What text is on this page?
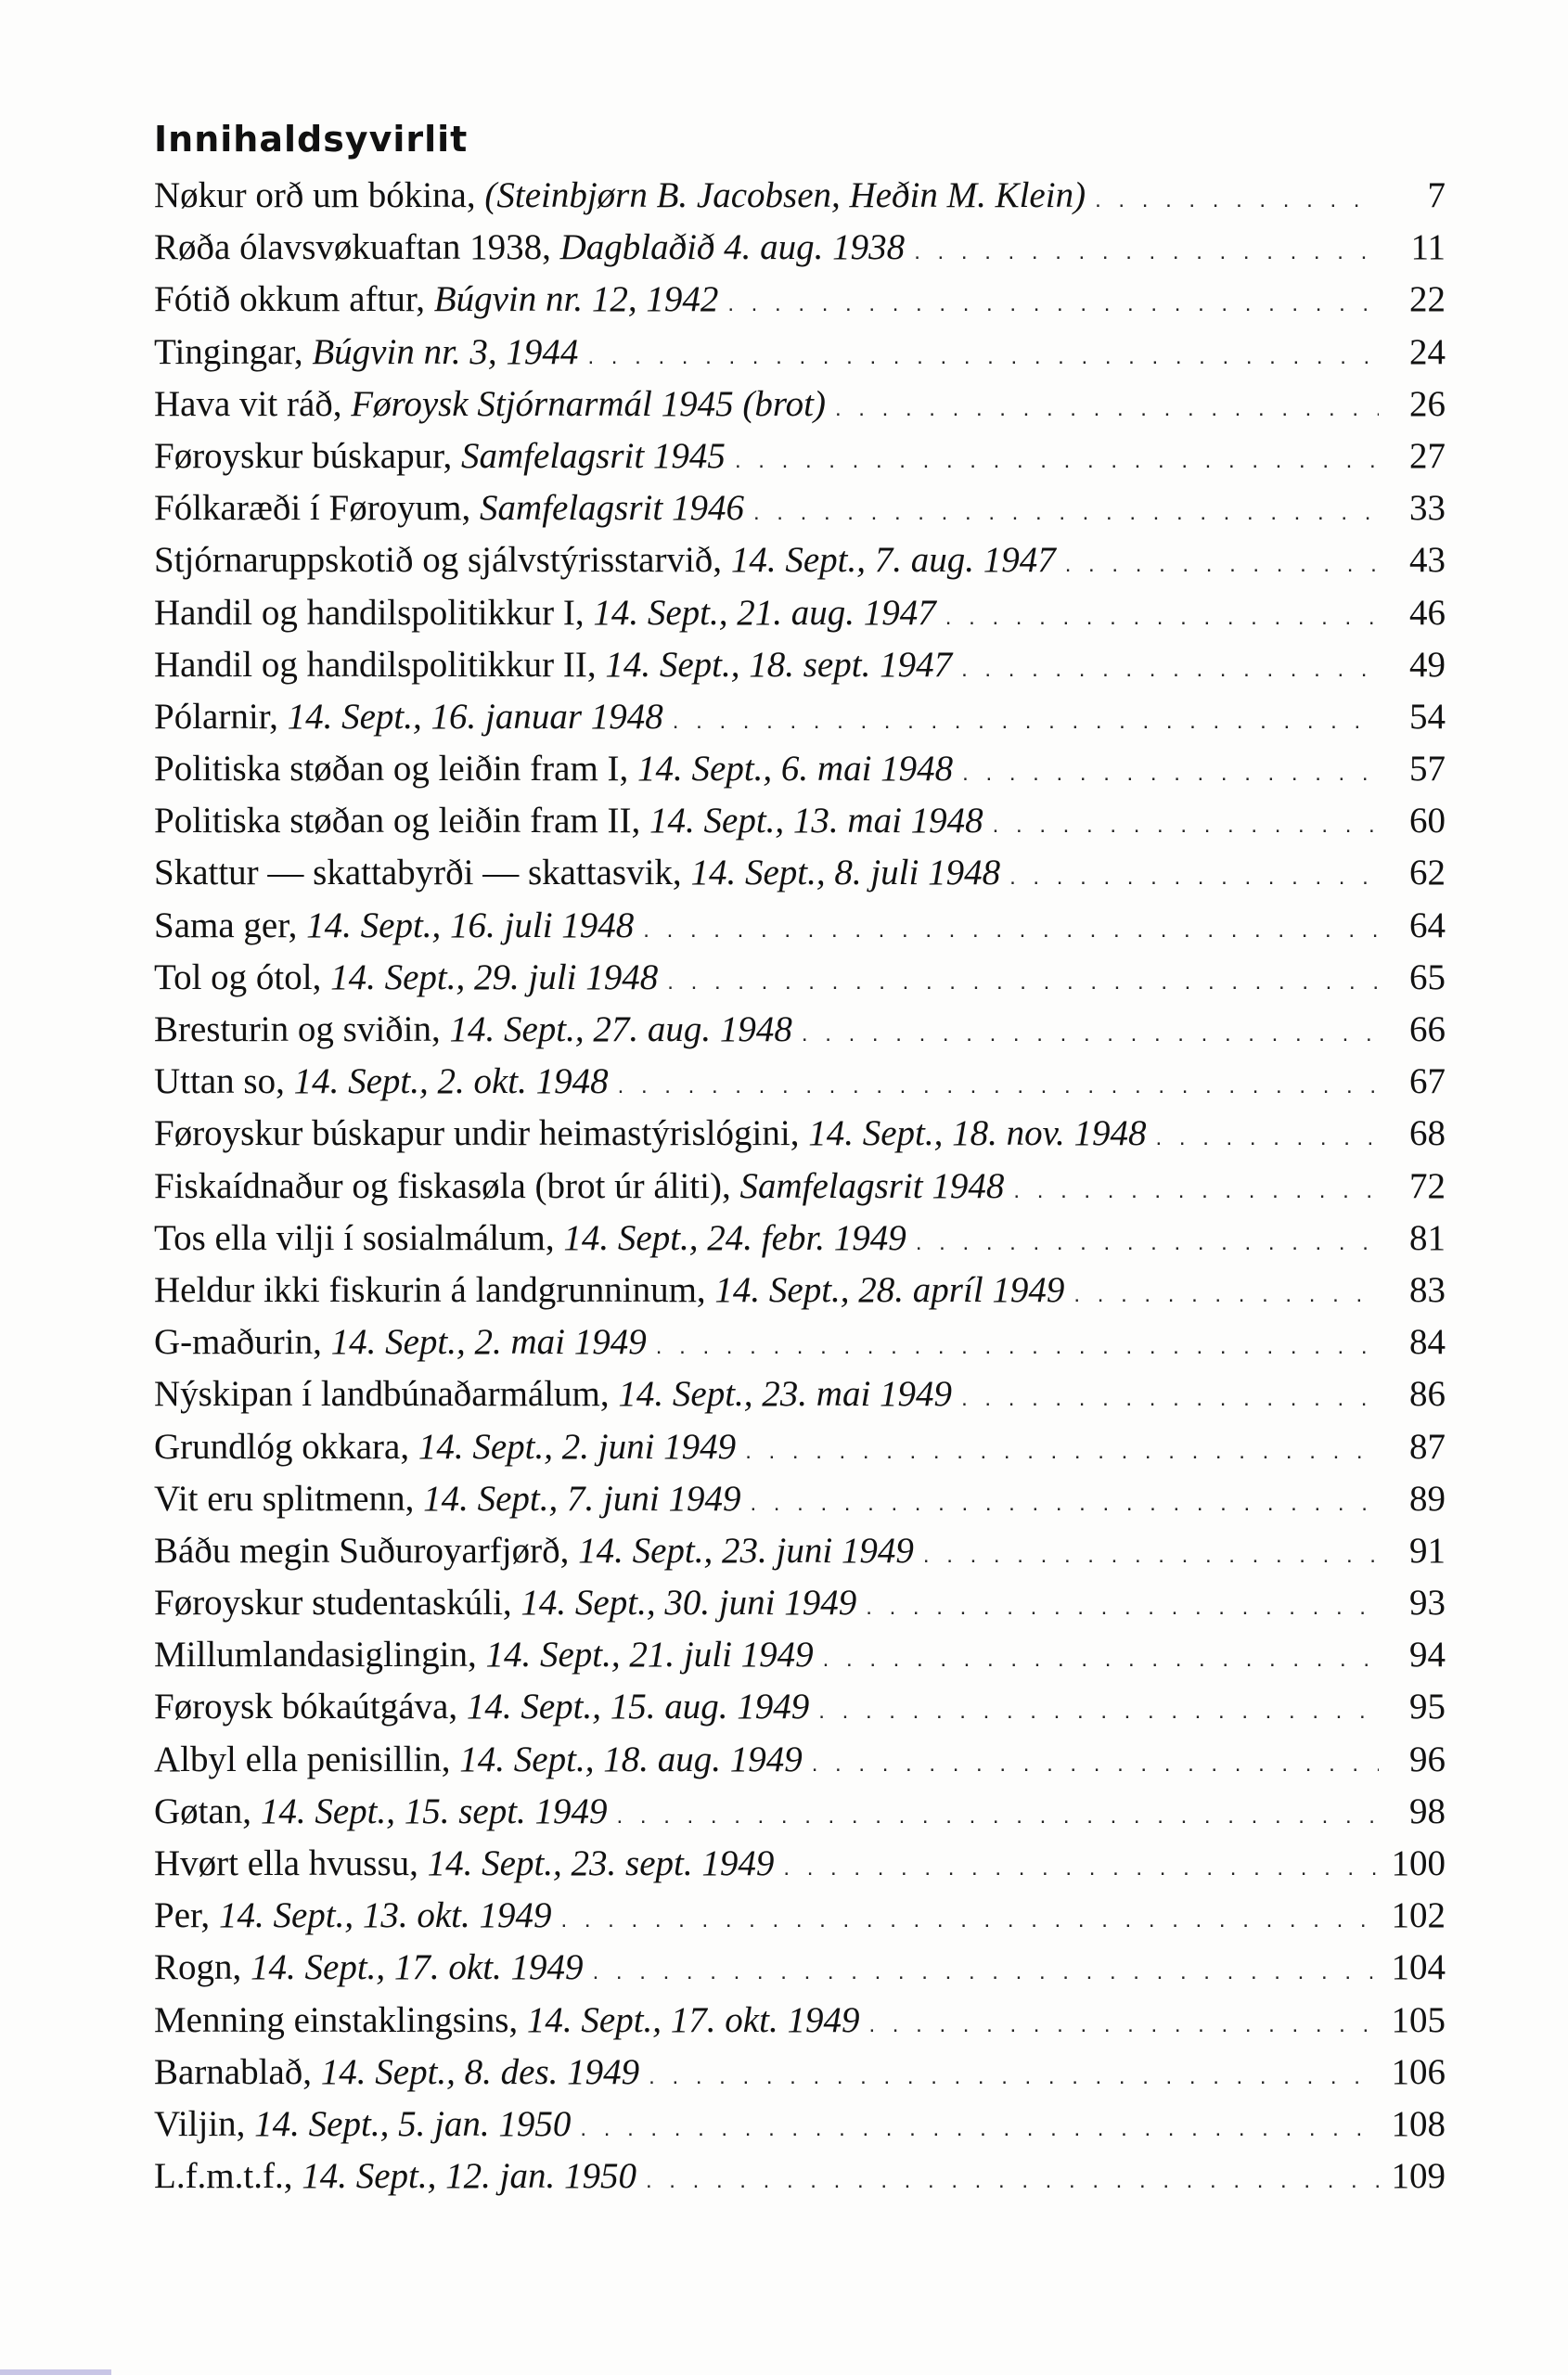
Innihaldsyvirlit
Nøkur orð um bókina, (Steinbjørn B. Jacobsen, Heðin M. Klein) . . .	7
Røða ólavsvøkuaftan 1938, Dagblaðið 4. aug. 1938 . . .	11
Fótið okkum aftur, Búgvin nr. 12, 1942 . . .	22
Tingingar, Búgvin nr. 3, 1944 . . .	24
Hava vit ráð, Føroysk Stjórnarmál 1945 (brot) . . .	26
Føroyskur búskapur, Samfelagsrit 1945 . . .	27
Fólkaræði í Føroyum, Samfelagsrit 1946 . . .	33
Stjórnaruppskotið og sjálvstýrisstarvið, 14. Sept., 7. aug. 1947 . . .	43
Handil og handilspolitikkur I, 14. Sept., 21. aug. 1947 . . .	46
Handil og handilspolitikkur II, 14. Sept., 18. sept. 1947 . . .	49
Pólarnir, 14. Sept., 16. januar 1948 . . .	54
Politiska støðan og leiðin fram I, 14. Sept., 6. mai 1948 . . .	57
Politiska støðan og leiðin fram II, 14. Sept., 13. mai 1948 . . .	60
Skattur — skattabyrði — skattasvik, 14. Sept., 8. juli 1948 . . .	62
Sama ger, 14. Sept., 16. juli 1948 . . .	64
Tol og ótol, 14. Sept., 29. juli 1948 . . .	65
Bresturin og sviðin, 14. Sept., 27. aug. 1948 . . .	66
Uttan so, 14. Sept., 2. okt. 1948 . . .	67
Føroyskur búskapur undir heimastýrislógini, 14. Sept., 18. nov. 1948 . . .	68
Fiskaídnaður og fiskasøla (brot úr áliti), Samfelagsrit 1948 . . .	72
Tos ella vilji í sosialmálum, 14. Sept., 24. febr. 1949 . . .	81
Heldur ikki fiskurin á landgrunninum, 14. Sept., 28. apríl 1949 . . .	83
G-maðurin, 14. Sept., 2. mai 1949 . . .	84
Nýskipan í landbúnaðarmálum, 14. Sept., 23. mai 1949 . . .	86
Grundlóg okkara, 14. Sept., 2. juni 1949 . . .	87
Vit eru splitmenn, 14. Sept., 7. juni 1949 . . .	89
Báðu megin Suðuroyarfjørð, 14. Sept., 23. juni 1949 . . .	91
Føroyskur studentaskúli, 14. Sept., 30. juni 1949 . . .	93
Millumlandasiglingin, 14. Sept., 21. juli 1949 . . .	94
Føroysk bókaútgáva, 14. Sept., 15. aug. 1949 . . .	95
Albyl ella penisillin, 14. Sept., 18. aug. 1949 . . .	96
Gøtan, 14. Sept., 15. sept. 1949 . . .	98
Hvørt ella hvussu, 14. Sept., 23. sept. 1949 . . .	100
Per, 14. Sept., 13. okt. 1949 . . .	102
Rogn, 14. Sept., 17. okt. 1949 . . .	104
Menning einstaklingsins, 14. Sept., 17. okt. 1949 . . .	105
Barnablað, 14. Sept., 8. des. 1949 . . .	106
Viljin, 14. Sept., 5. jan. 1950 . . .	108
L.f.m.t.f., 14. Sept., 12. jan. 1950 . . .	109
